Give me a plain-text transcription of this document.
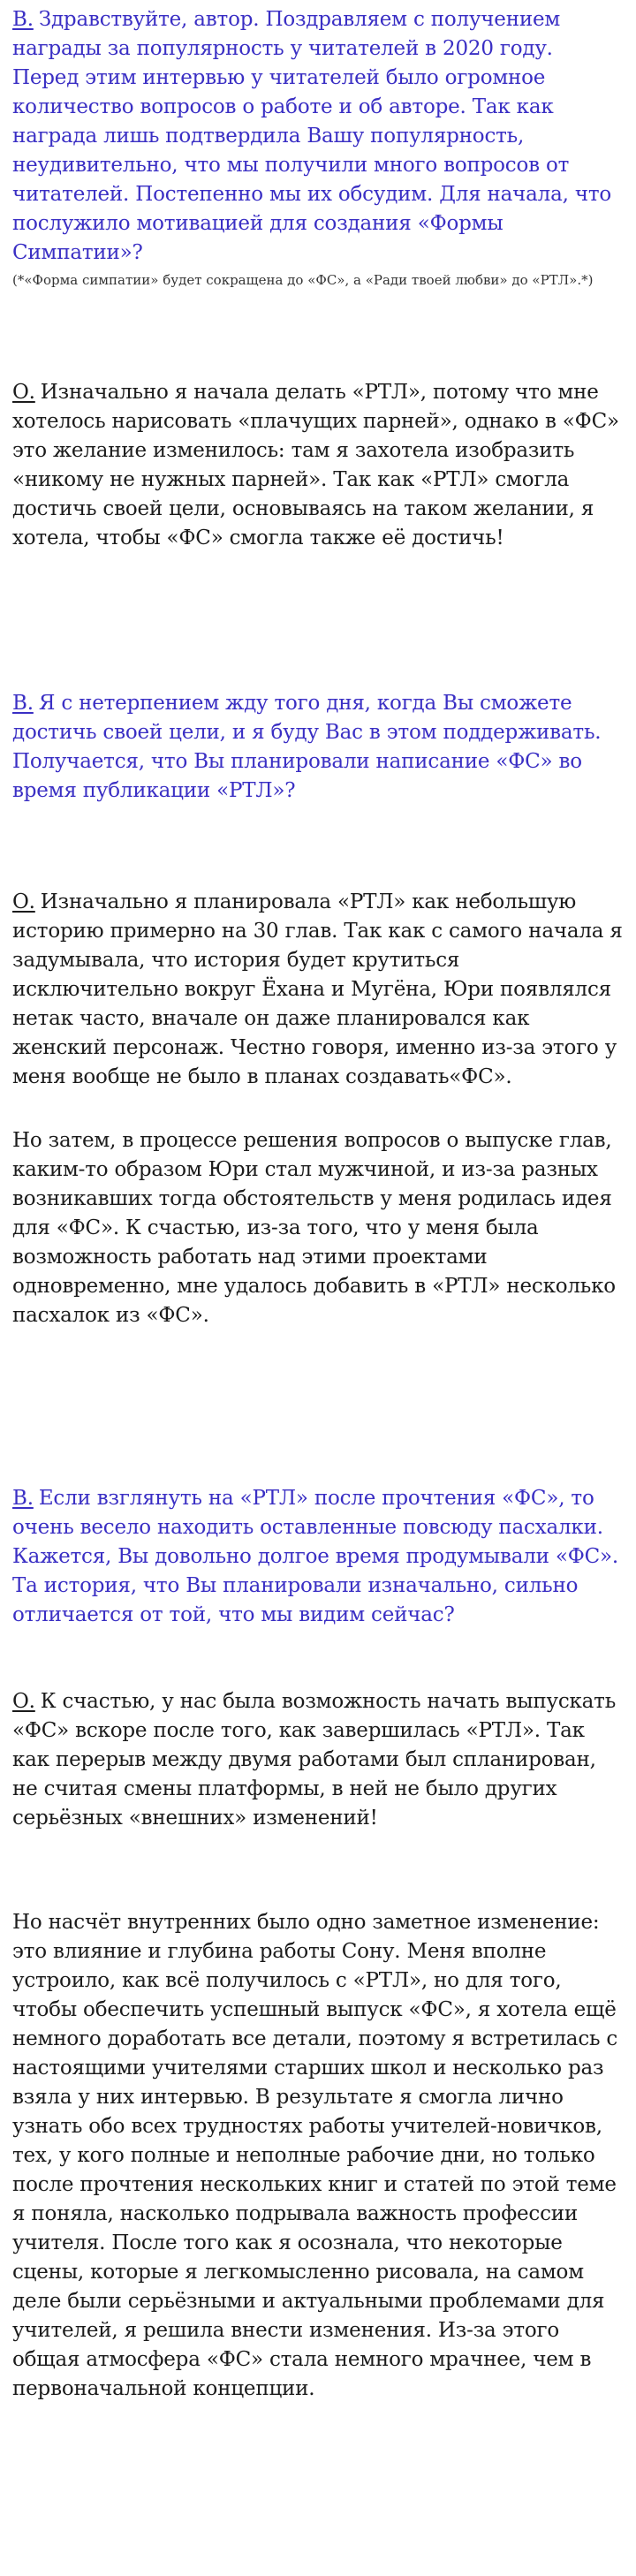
В. Здравствуйте, автор. Поздравляем с получением награды за популярность у читателей в 2020 году. Перед этим интервью у читателей было огромное количество вопросов о работе и об авторе. Так как награда лишь подтвердила Вашу популярность, неудивительно, что мы получили много вопросов от читателей. Постепенно мы их обсудим. Для начала, что послужило мотивацией для создания «Формы Симпатии»?

(*«Форма симпатии» будет сокращена до «ФС», а «Ради твоей любви» до «РТЛ».*)

О. Изначально я начала делать «РТЛ», потому что мне хотелось нарисовать «плачущих парней», однако в «ФС» это желание изменилось: там я захотела изобразить «никому не нужных парней». Так как «РТЛ» смогла достичь своей цели, основываясь на таком желании, я хотела, чтобы «ФС» смогла также её достичь!

В. Я с нетерпением жду того дня, когда Вы сможете достичь своей цели, и я буду Вас в этом поддерживать. Получается, что Вы планировали написание «ФС» во время публикации «РТЛ»?

О. Изначально я планировала «РТЛ» как небольшую историю примерно на 30 глав. Так как с самого начала я задумывала, что история будет крутиться исключительно вокруг Ёхана и Мугёна, Юри появлялся нетак часто, вначале он даже планировался как женский персонаж. Честно говоря, именно из-за этого у меня вообще не было в планах создавать«ФС».

Но затем, в процессе решения вопросов о выпуске глав, каким-то образом Юри стал мужчиной, и из-за разных возникавших тогда обстоятельств у меня родилась идея для «ФС». К счастью, из-за того, что у меня была возможность работать над этими проектами одновременно, мне удалось добавить в «РТЛ» несколько пасхалок из «ФС».

В. Если взглянуть на «РТЛ» после прочтения «ФС», то очень весело находить оставленные повсюду пасхалки. Кажется, Вы довольно долгое время продумывали «ФС». Та история, что Вы планировали изначально, сильно отличается от той, что мы видим сейчас?

О. К счастью, у нас была возможность начать выпускать «ФС» вскоре после того, как завершилась «РТЛ». Так как перерыв между двумя работами был спланирован, не считая смены платформы, в ней не было других серьёзных «внешних» изменений!

Но насчёт внутренних было одно заметное изменение: это влияние и глубина работы Сону. Меня вполне устроило, как всё получилось с «РТЛ», но для того, чтобы обеспечить успешный выпуск «ФС», я хотела ещё немного доработать все детали, поэтому я встретилась с настоящими учителями старших школ и несколько раз взяла у них интервью. В результате я смогла лично узнать обо всех трудностях работы учителей-новичков, тех, у кого полные и неполные рабочие дни, но только после прочтения нескольких книг и статей по этой теме я поняла, насколько подрывала важность профессии учителя. После того как я осознала, что некоторые сцены, которые я легкомысленно рисовала, на самом деле были серьёзными и актуальными проблемами для учителей, я решила внести изменения. Из-за этого общая атмосфера «ФС» стала немного мрачнее, чем в первоначальной концепции.
